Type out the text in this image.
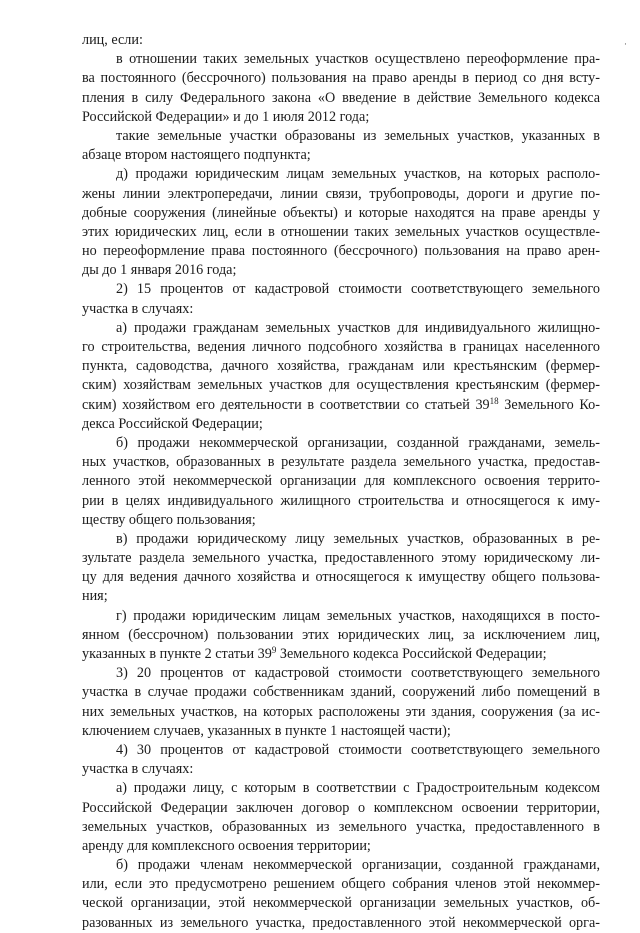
·
лиц, если:
в отношении таких земельных участков осуществлено переоформление пра-
ва постоянного (бессрочного) пользования на право аренды в период со дня всту-
пления в силу Федерального закона «О введение в действие Земельного кодекса
Российской Федерации» и до 1 июля 2012 года;
такие земельные участки образованы из земельных участков, указанных в
абзаце втором настоящего подпункта;
д) продажи юридическим лицам земельных участков, на которых располо-
жены линии электропередачи, линии связи, трубопроводы, дороги и другие по-
добные сооружения (линейные объекты) и которые находятся на праве аренды у
этих юридических лиц, если в отношении таких земельных участков осуществле-
но переоформление права постоянного (бессрочного) пользования на право арен-
ды до 1 января 2016 года;
2) 15 процентов от кадастровой стоимости соответствующего земельного
участка в случаях:
а) продажи гражданам земельных участков для индивидуального жилищно-
го строительства, ведения личного подсобного хозяйства в границах населенного
пункта, садоводства, дачного хозяйства, гражданам или крестьянским (фермер-
ским) хозяйствам земельных участков для осуществления крестьянским (фермер-
ским) хозяйством его деятельности в соответствии со статьей $39^{18}$ Земельного Ко-
декса Российской Федерации;
б) продажи некоммерческой организации, созданной гражданами, земель-
ных участков, образованных в результате раздела земельного участка, предостав-
ленного этой некоммерческой организации для комплексного освоения террито-
рии в целях индивидуального жилищного строительства и относящегося к иму-
ществу общего пользования;
в) продажи юридическому лицу земельных участков, образованных в ре-
зультате раздела земельного участка, предоставленного этому юридическому ли-
цу для ведения дачного хозяйства и относящегося к имуществу общего пользова-
ния;
г) продажи юридическим лицам земельных участков, находящихся в посто-
янном (бессрочном) пользовании этих юридических лиц, за исключением лиц,
указанных в пункте 2 статьи $39^9$ Земельного кодекса Российской Федерации;
3) 20 процентов от кадастровой стоимости соответствующего земельного
участка в случае продажи собственникам зданий, сооружений либо помещений в
них земельных участков, на которых расположены эти здания, сооружения (за ис-
ключением случаев, указанных в пункте 1 настоящей части);
4) 30 процентов от кадастровой стоимости соответствующего земельного
участка в случаях:
а) продажи лицу, с которым в соответствии с Градостроительным кодексом
Российской Федерации заключен договор о комплексном освоении территории,
земельных участков, образованных из земельного участка, предоставленного в
аренду для комплексного освоения территории;
б) продажи членам некоммерческой организации, созданной гражданами,
или, если это предусмотрено решением общего собрания членов этой некоммер-
ческой организации, этой некоммерческой организации земельных участков, об-
разованных из земельного участка, предоставленного этой некоммерческой орга-
